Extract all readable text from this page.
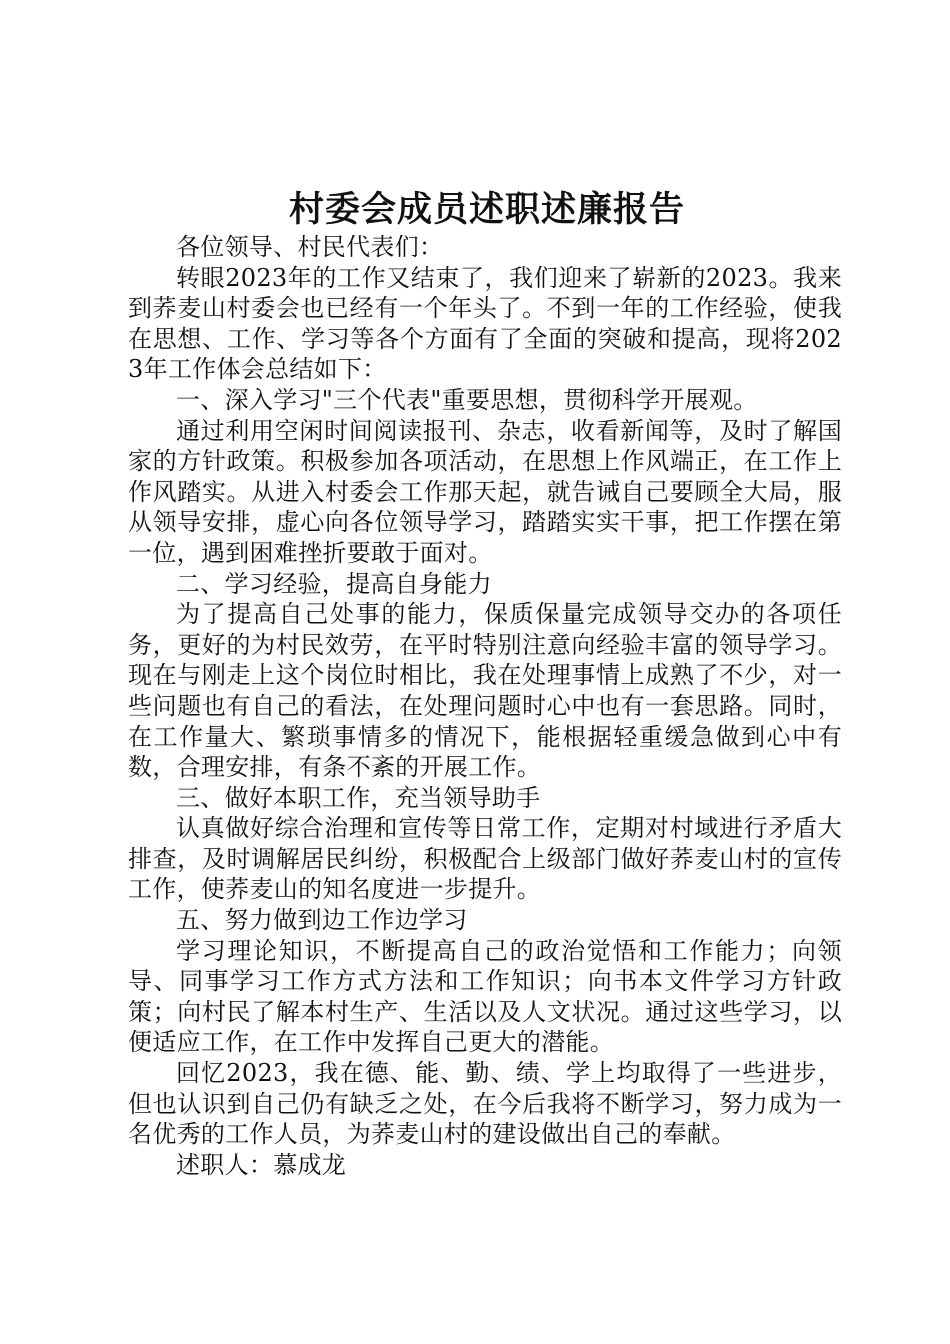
村委会成员述职述廉报告

各位领导、村民代表们：

转眼2023年的工作又结束了，我们迎来了崭新的2023。我来到荞麦山村委会也已经有一个年头了。不到一年的工作经验，使我在思想、工作、学习等各个方面有了全面的突破和提高，现将2023年工作体会总结如下：

一、深入学习"三个代表"重要思想，贯彻科学开展观。

通过利用空闲时间阅读报刊、杂志，收看新闻等，及时了解国家的方针政策。积极参加各项活动，在思想上作风端正，在工作上作风踏实。从进入村委会工作那天起，就告诫自己要顾全大局，服从领导安排，虚心向各位领导学习，踏踏实实干事，把工作摆在第一位，遇到困难挫折要敢于面对。

二、学习经验，提高自身能力

为了提高自己处事的能力，保质保量完成领导交办的各项任务，更好的为村民效劳，在平时特别注意向经验丰富的领导学习。现在与刚走上这个岗位时相比，我在处理事情上成熟了不少，对一些问题也有自己的看法，在处理问题时心中也有一套思路。同时，在工作量大、繁琐事情多的情况下，能根据轻重缓急做到心中有数，合理安排，有条不紊的开展工作。

三、做好本职工作，充当领导助手

认真做好综合治理和宣传等日常工作，定期对村域进行矛盾大排查，及时调解居民纠纷，积极配合上级部门做好荞麦山村的宣传工作，使荞麦山的知名度进一步提升。

五、努力做到边工作边学习

学习理论知识，不断提高自己的政治觉悟和工作能力；向领导、同事学习工作方式方法和工作知识；向书本文件学习方针政策；向村民了解本村生产、生活以及人文状况。通过这些学习，以便适应工作，在工作中发挥自己更大的潜能。

回忆2023，我在德、能、勤、绩、学上均取得了一些进步，但也认识到自己仍有缺乏之处，在今后我将不断学习，努力成为一名优秀的工作人员，为荞麦山村的建设做出自己的奉献。

述职人：慕成龙
